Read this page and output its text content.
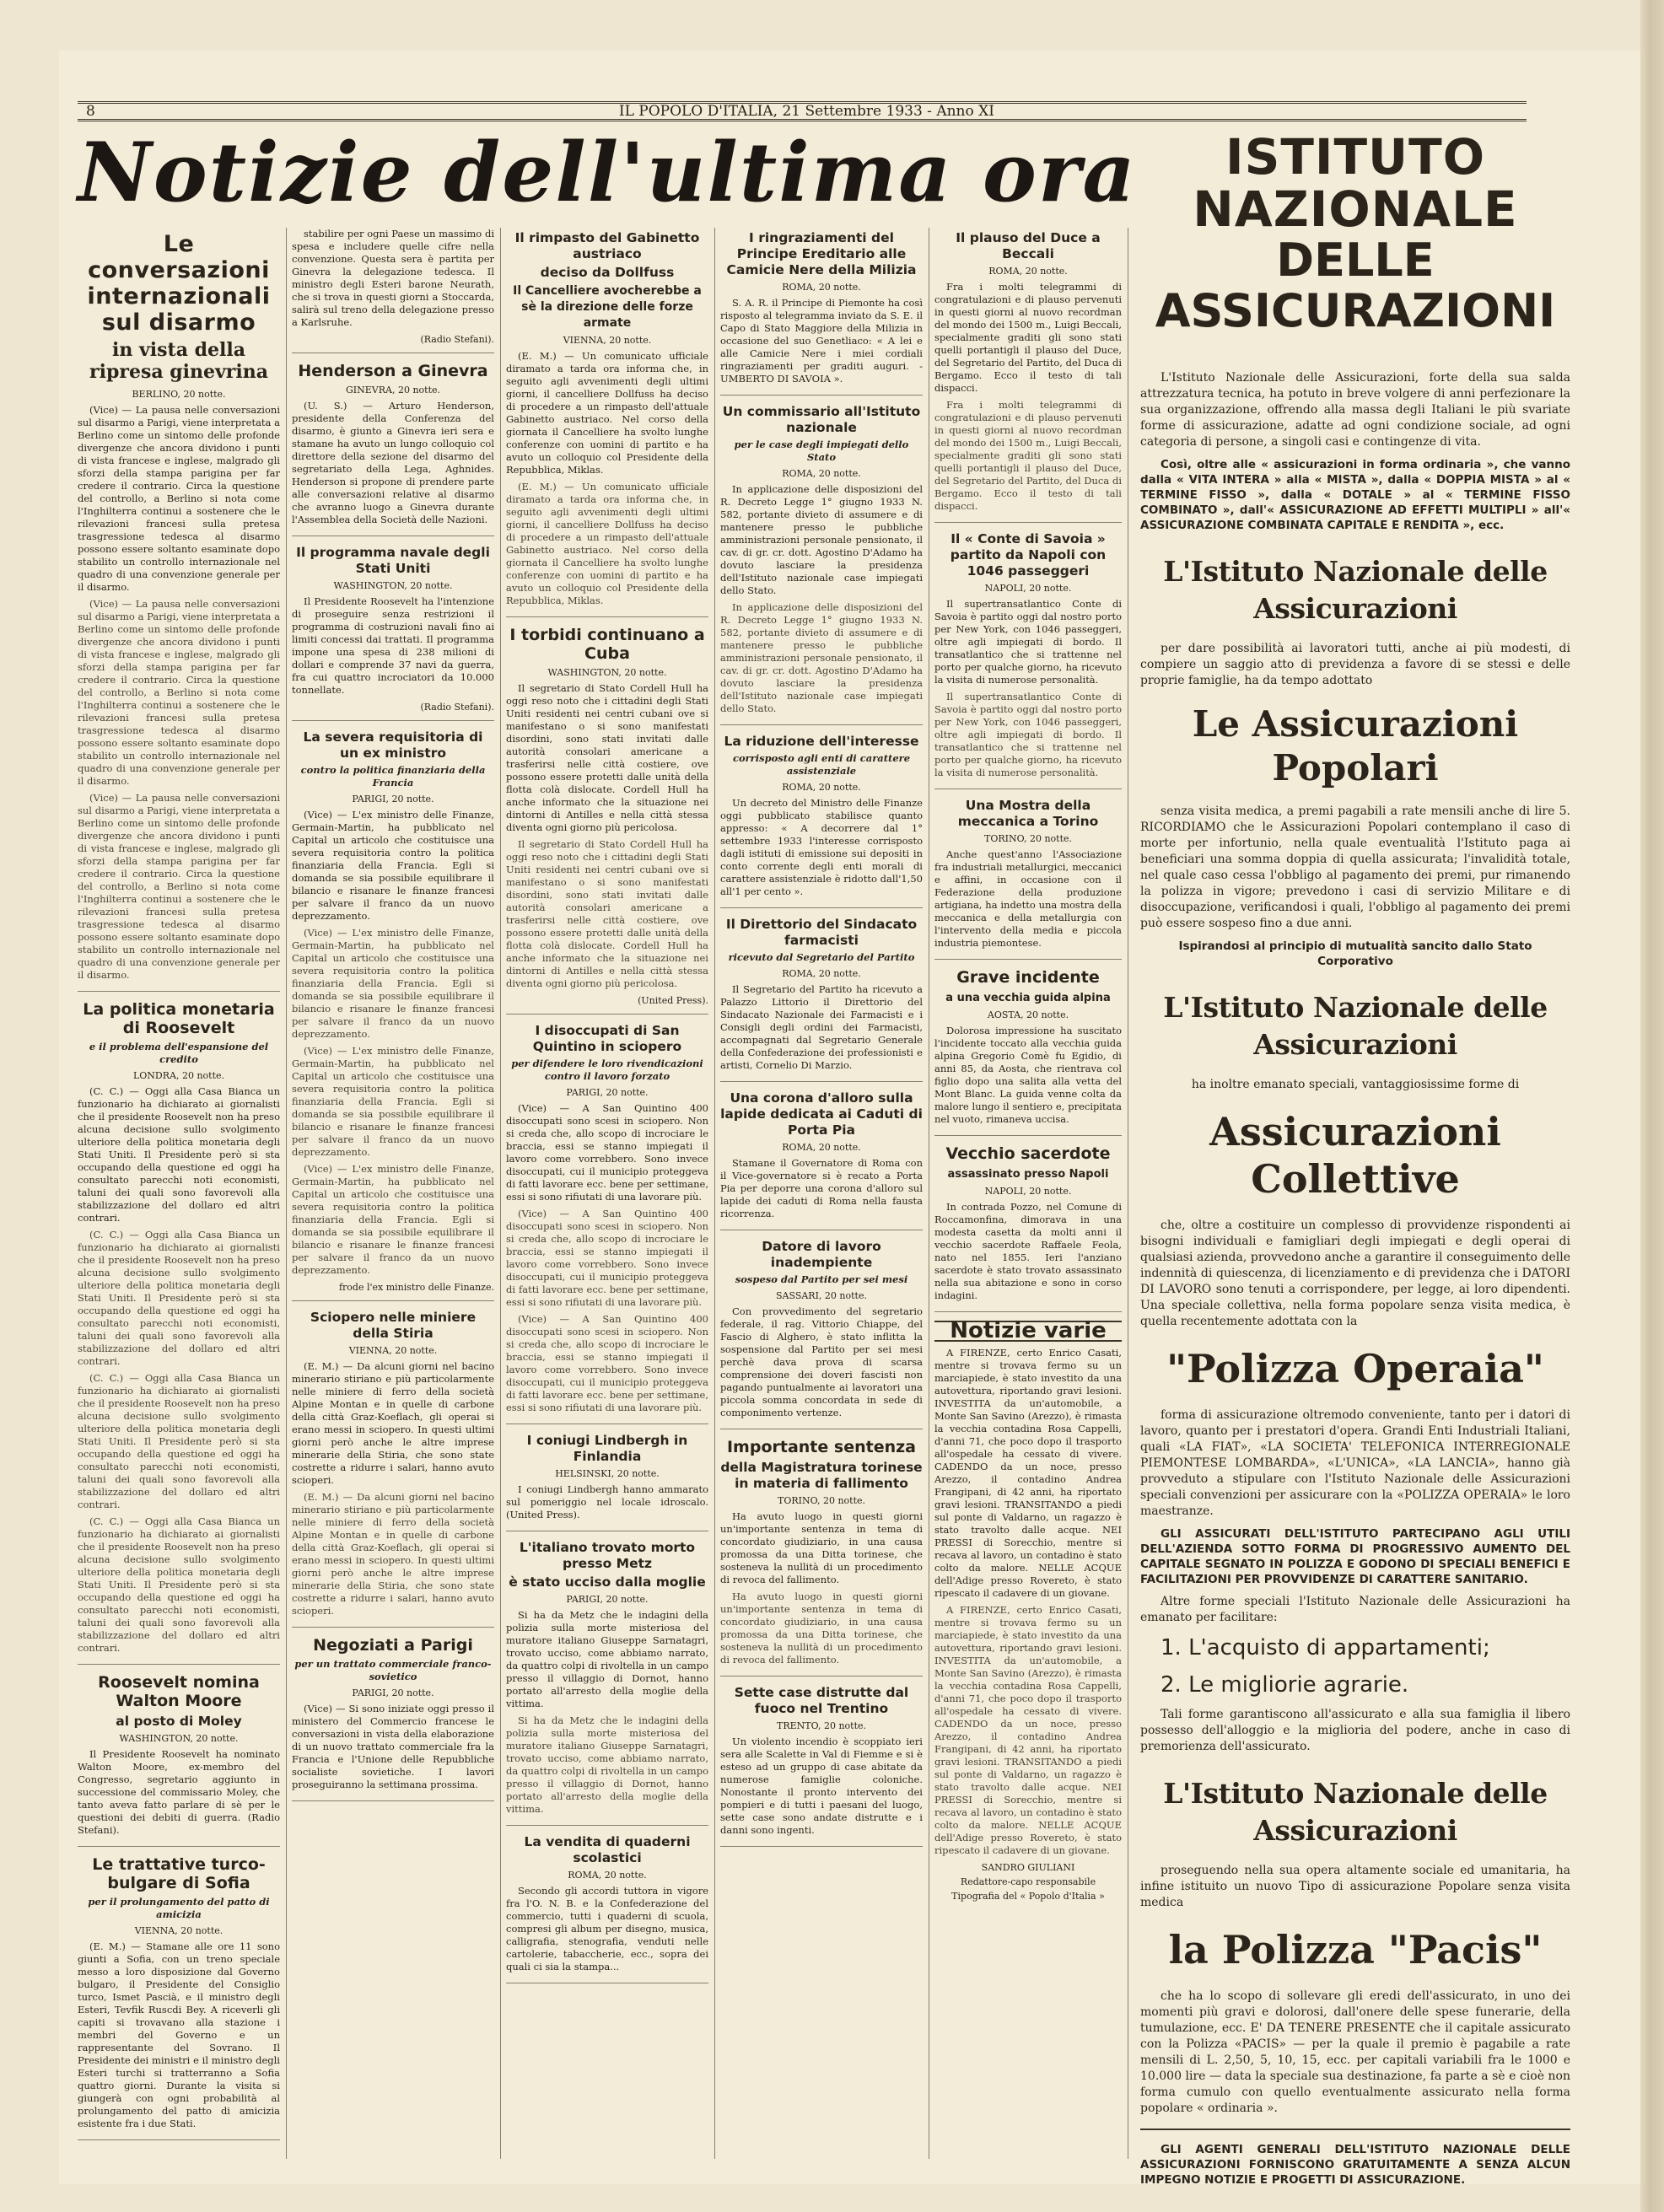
8	IL POPOLO D'ITALIA, 21 Settembre 1933 - Anno XI
Notizie dell'ultima ora
Le conversazioni internazionali sul disarmo
in vista della ripresa ginevrina
BERLINO, 20 notte.

(Vice) — La pausa nelle conversazioni sul disarmo a Parigi, viene interpretata a Berlino come un sintomo delle profonde divergenze che ancora dividono i punti di vista francese e inglese, malgrado gli sforzi della stampa parigina per far credere il contrario. Circa la questione del controllo, a Berlino si nota come l'Inghilterra continui a sostenere che le rilevazioni francesi sulla pretesa trasgressione tedesca al disarmo possono essere soltanto esaminate dopo stabilito un controllo internazionale nel quadro di una convenzione generale per il disarmo.

(Vice) — La pausa nelle conversazioni sul disarmo a Parigi, viene interpretata a Berlino come un sintomo delle profonde divergenze che ancora dividono i punti di vista francese e inglese, malgrado gli sforzi della stampa parigina per far credere il contrario. Circa la questione del controllo, a Berlino si nota come l'Inghilterra continui a sostenere che le rilevazioni francesi sulla pretesa trasgressione tedesca al disarmo possono essere soltanto esaminate dopo stabilito un controllo internazionale nel quadro di una convenzione generale per il disarmo.

(Vice) — La pausa nelle conversazioni sul disarmo a Parigi, viene interpretata a Berlino come un sintomo delle profonde divergenze che ancora dividono i punti di vista francese e inglese, malgrado gli sforzi della stampa parigina per far credere il contrario. Circa la questione del controllo, a Berlino si nota come l'Inghilterra continui a sostenere che le rilevazioni francesi sulla pretesa trasgressione tedesca al disarmo possono essere soltanto esaminate dopo stabilito un controllo internazionale nel quadro di una convenzione generale per il disarmo.

La politica monetaria di Roosevelt
e il problema dell'espansione del credito
LONDRA, 20 notte.

(C. C.) — Oggi alla Casa Bianca un funzionario ha dichiarato ai giornalisti che il presidente Roosevelt non ha preso alcuna decisione sullo svolgimento ulteriore della politica monetaria degli Stati Uniti. Il Presidente però si sta occupando della questione ed oggi ha consultato parecchi noti economisti, taluni dei quali sono favorevoli alla stabilizzazione del dollaro ed altri contrari.

(C. C.) — Oggi alla Casa Bianca un funzionario ha dichiarato ai giornalisti che il presidente Roosevelt non ha preso alcuna decisione sullo svolgimento ulteriore della politica monetaria degli Stati Uniti. Il Presidente però si sta occupando della questione ed oggi ha consultato parecchi noti economisti, taluni dei quali sono favorevoli alla stabilizzazione del dollaro ed altri contrari.

(C. C.) — Oggi alla Casa Bianca un funzionario ha dichiarato ai giornalisti che il presidente Roosevelt non ha preso alcuna decisione sullo svolgimento ulteriore della politica monetaria degli Stati Uniti. Il Presidente però si sta occupando della questione ed oggi ha consultato parecchi noti economisti, taluni dei quali sono favorevoli alla stabilizzazione del dollaro ed altri contrari.

(C. C.) — Oggi alla Casa Bianca un funzionario ha dichiarato ai giornalisti che il presidente Roosevelt non ha preso alcuna decisione sullo svolgimento ulteriore della politica monetaria degli Stati Uniti. Il Presidente però si sta occupando della questione ed oggi ha consultato parecchi noti economisti, taluni dei quali sono favorevoli alla stabilizzazione del dollaro ed altri contrari.

Roosevelt nomina Walton Moore
al posto di Moley
WASHINGTON, 20 notte.

Il Presidente Roosevelt ha nominato Walton Moore, ex-membro del Congresso, segretario aggiunto in successione del commissario Moley, che tanto aveva fatto parlare di sè per le questioni dei debiti di guerra. (Radio Stefani).

Le trattative turco-bulgare di Sofia
per il prolungamento del patto di amicizia
VIENNA, 20 notte.

(E. M.) — Stamane alle ore 11 sono giunti a Sofia, con un treno speciale messo a loro disposizione dal Governo bulgaro, il Presidente del Consiglio turco, Ismet Pascià, e il ministro degli Esteri, Tevfik Ruscdi Bey. A riceverli gli capiti si trovavano alla stazione i membri del Governo e un rappresentante del Sovrano. Il Presidente dei ministri e il ministro degli Esteri turchi si tratterranno a Sofia quattro giorni. Durante la visita si giungerà con ogni probabilità al prolungamento del patto di amicizia esistente fra i due Stati.

stabilire per ogni Paese un massimo di spesa e includere quelle cifre nella convenzione. Questa sera è partita per Ginevra la delegazione tedesca. Il ministro degli Esteri barone Neurath, che si trova in questi giorni a Stoccarda, salirà sul treno della delegazione presso a Karlsruhe.

(Radio Stefani).
Henderson a Ginevra
GINEVRA, 20 notte.

(U. S.) — Arturo Henderson, presidente della Conferenza del disarmo, è giunto a Ginevra ieri sera e stamane ha avuto un lungo colloquio col direttore della sezione del disarmo del segretariato della Lega, Aghnides. Henderson si propone di prendere parte alle conversazioni relative al disarmo che avranno luogo a Ginevra durante l'Assemblea della Società delle Nazioni.

Il programma navale degli Stati Uniti
WASHINGTON, 20 notte.

Il Presidente Roosevelt ha l'intenzione di proseguire senza restrizioni il programma di costruzioni navali fino ai limiti concessi dai trattati. Il programma impone una spesa di 238 milioni di dollari e comprende 37 navi da guerra, fra cui quattro incrociatori da 10.000 tonnellate.

(Radio Stefani).
La severa requisitoria di un ex ministro
contro la politica finanziaria della Francia
PARIGI, 20 notte.

(Vice) — L'ex ministro delle Finanze, Germain-Martin, ha pubblicato nel Capital un articolo che costituisce una severa requisitoria contro la politica finanziaria della Francia. Egli si domanda se sia possibile equilibrare il bilancio e risanare le finanze francesi per salvare il franco da un nuovo deprezzamento.

(Vice) — L'ex ministro delle Finanze, Germain-Martin, ha pubblicato nel Capital un articolo che costituisce una severa requisitoria contro la politica finanziaria della Francia. Egli si domanda se sia possibile equilibrare il bilancio e risanare le finanze francesi per salvare il franco da un nuovo deprezzamento.

(Vice) — L'ex ministro delle Finanze, Germain-Martin, ha pubblicato nel Capital un articolo che costituisce una severa requisitoria contro la politica finanziaria della Francia. Egli si domanda se sia possibile equilibrare il bilancio e risanare le finanze francesi per salvare il franco da un nuovo deprezzamento.

(Vice) — L'ex ministro delle Finanze, Germain-Martin, ha pubblicato nel Capital un articolo che costituisce una severa requisitoria contro la politica finanziaria della Francia. Egli si domanda se sia possibile equilibrare il bilancio e risanare le finanze francesi per salvare il franco da un nuovo deprezzamento.

frode l'ex ministro delle Finanze.
Sciopero nelle miniere della Stiria
VIENNA, 20 notte.

(E. M.) — Da alcuni giorni nel bacino minerario stiriano e più particolarmente nelle miniere di ferro della società Alpine Montan e in quelle di carbone della città Graz-Koeflach, gli operai si erano messi in sciopero. In questi ultimi giorni però anche le altre imprese minerarie della Stiria, che sono state costrette a ridurre i salari, hanno avuto scioperi.

(E. M.) — Da alcuni giorni nel bacino minerario stiriano e più particolarmente nelle miniere di ferro della società Alpine Montan e in quelle di carbone della città Graz-Koeflach, gli operai si erano messi in sciopero. In questi ultimi giorni però anche le altre imprese minerarie della Stiria, che sono state costrette a ridurre i salari, hanno avuto scioperi.

Negoziati a Parigi
per un trattato commerciale franco-sovietico
PARIGI, 20 notte.

(Vice) — Si sono iniziate oggi presso il ministero del Commercio francese le conversazioni in vista della elaborazione di un nuovo trattato commerciale fra la Francia e l'Unione delle Repubbliche socialiste sovietiche. I lavori proseguiranno la settimana prossima.

Il rimpasto del Gabinetto austriaco
deciso da Dollfuss
Il Cancelliere avocherebbe a sè la direzione delle forze armate
VIENNA, 20 notte.

(E. M.) — Un comunicato ufficiale diramato a tarda ora informa che, in seguito agli avvenimenti degli ultimi giorni, il cancelliere Dollfuss ha deciso di procedere a un rimpasto dell'attuale Gabinetto austriaco. Nel corso della giornata il Cancelliere ha svolto lunghe conferenze con uomini di partito e ha avuto un colloquio col Presidente della Repubblica, Miklas.

(E. M.) — Un comunicato ufficiale diramato a tarda ora informa che, in seguito agli avvenimenti degli ultimi giorni, il cancelliere Dollfuss ha deciso di procedere a un rimpasto dell'attuale Gabinetto austriaco. Nel corso della giornata il Cancelliere ha svolto lunghe conferenze con uomini di partito e ha avuto un colloquio col Presidente della Repubblica, Miklas.

I torbidi continuano a Cuba
WASHINGTON, 20 notte.

Il segretario di Stato Cordell Hull ha oggi reso noto che i cittadini degli Stati Uniti residenti nei centri cubani ove si manifestano o si sono manifestati disordini, sono stati invitati dalle autorità consolari americane a trasferirsi nelle città costiere, ove possono essere protetti dalle unità della flotta colà dislocate. Cordell Hull ha anche informato che la situazione nei dintorni di Antilles e nella città stessa diventa ogni giorno più pericolosa.

Il segretario di Stato Cordell Hull ha oggi reso noto che i cittadini degli Stati Uniti residenti nei centri cubani ove si manifestano o si sono manifestati disordini, sono stati invitati dalle autorità consolari americane a trasferirsi nelle città costiere, ove possono essere protetti dalle unità della flotta colà dislocate. Cordell Hull ha anche informato che la situazione nei dintorni di Antilles e nella città stessa diventa ogni giorno più pericolosa.

(United Press).
I disoccupati di San Quintino in sciopero
per difendere le loro rivendicazioni contro il lavoro forzato
PARIGI, 20 notte.

(Vice) — A San Quintino 400 disoccupati sono scesi in sciopero. Non si creda che, allo scopo di incrociare le braccia, essi se stanno impiegati il lavoro come vorrebbero. Sono invece disoccupati, cui il municipio proteggeva di fatti lavorare ecc. bene per settimane, essi si sono rifiutati di una lavorare più.

(Vice) — A San Quintino 400 disoccupati sono scesi in sciopero. Non si creda che, allo scopo di incrociare le braccia, essi se stanno impiegati il lavoro come vorrebbero. Sono invece disoccupati, cui il municipio proteggeva di fatti lavorare ecc. bene per settimane, essi si sono rifiutati di una lavorare più.

(Vice) — A San Quintino 400 disoccupati sono scesi in sciopero. Non si creda che, allo scopo di incrociare le braccia, essi se stanno impiegati il lavoro come vorrebbero. Sono invece disoccupati, cui il municipio proteggeva di fatti lavorare ecc. bene per settimane, essi si sono rifiutati di una lavorare più.

I coniugi Lindbergh in Finlandia
HELSINSKI, 20 notte.

I coniugi Lindbergh hanno ammarato sul pomeriggio nel locale idroscalo. (United Press).

L'italiano trovato morto presso Metz
è stato ucciso dalla moglie
PARIGI, 20 notte.

Si ha da Metz che le indagini della polizia sulla morte misteriosa del muratore italiano Giuseppe Sarnatagri, trovato ucciso, come abbiamo narrato, da quattro colpi di rivoltella in un campo presso il villaggio di Dornot, hanno portato all'arresto della moglie della vittima.

Si ha da Metz che le indagini della polizia sulla morte misteriosa del muratore italiano Giuseppe Sarnatagri, trovato ucciso, come abbiamo narrato, da quattro colpi di rivoltella in un campo presso il villaggio di Dornot, hanno portato all'arresto della moglie della vittima.

La vendita di quaderni scolastici
ROMA, 20 notte.

Secondo gli accordi tuttora in vigore fra l'O. N. B. e la Confederazione del commercio, tutti i quaderni di scuola, compresi gli album per disegno, musica, calligrafia, stenografia, venduti nelle cartolerie, tabaccherie, ecc., sopra dei quali ci sia la stampa...

I ringraziamenti del Principe Ereditario alle Camicie Nere della Milizia
ROMA, 20 notte.

S. A. R. il Principe di Piemonte ha così risposto al telegramma inviato da S. E. il Capo di Stato Maggiore della Milizia in occasione del suo Genetliaco: « A lei e alle Camicie Nere i miei cordiali ringraziamenti per graditi auguri. - UMBERTO DI SAVOIA ».

Un commissario all'Istituto nazionale
per le case degli impiegati dello Stato
ROMA, 20 notte.

In applicazione delle disposizioni del R. Decreto Legge 1° giugno 1933 N. 582, portante divieto di assumere e di mantenere presso le pubbliche amministrazioni personale pensionato, il cav. di gr. cr. dott. Agostino D'Adamo ha dovuto lasciare la presidenza dell'Istituto nazionale case impiegati dello Stato.

In applicazione delle disposizioni del R. Decreto Legge 1° giugno 1933 N. 582, portante divieto di assumere e di mantenere presso le pubbliche amministrazioni personale pensionato, il cav. di gr. cr. dott. Agostino D'Adamo ha dovuto lasciare la presidenza dell'Istituto nazionale case impiegati dello Stato.

La riduzione dell'interesse
corrisposto agli enti di carattere assistenziale
ROMA, 20 notte.

Un decreto del Ministro delle Finanze oggi pubblicato stabilisce quanto appresso: « A decorrere dal 1° settembre 1933 l'interesse corrisposto dagli istituti di emissione sui depositi in conto corrente degli enti morali di carattere assistenziale è ridotto dall'1,50 all'1 per cento ».

Il Direttorio del Sindacato farmacisti
ricevuto dal Segretario del Partito
ROMA, 20 notte.

Il Segretario del Partito ha ricevuto a Palazzo Littorio il Direttorio del Sindacato Nazionale dei Farmacisti e i Consigli degli ordini dei Farmacisti, accompagnati dal Segretario Generale della Confederazione dei professionisti e artisti, Cornelio Di Marzio.

Una corona d'alloro sulla lapide dedicata ai Caduti di Porta Pia
ROMA, 20 notte.

Stamane il Governatore di Roma con il Vice-governatore si è recato a Porta Pia per deporre una corona d'alloro sul lapide dei caduti di Roma nella fausta ricorrenza.

Datore di lavoro inadempiente
sospeso dal Partito per sei mesi
SASSARI, 20 notte.

Con provvedimento del segretario federale, il rag. Vittorio Chiappe, del Fascio di Alghero, è stato inflitta la sospensione dal Partito per sei mesi perchè dava prova di scarsa comprensione dei doveri fascisti non pagando puntualmente ai lavoratori una piccola somma concordata in sede di componimento vertenze.

Importante sentenza
della Magistratura torinese in materia di fallimento
TORINO, 20 notte.

Ha avuto luogo in questi giorni un'importante sentenza in tema di concordato giudiziario, in una causa promossa da una Ditta torinese, che sosteneva la nullità di un procedimento di revoca del fallimento.

Ha avuto luogo in questi giorni un'importante sentenza in tema di concordato giudiziario, in una causa promossa da una Ditta torinese, che sosteneva la nullità di un procedimento di revoca del fallimento.

Sette case distrutte dal fuoco nel Trentino
TRENTO, 20 notte.

Un violento incendio è scoppiato ieri sera alle Scalette in Val di Fiemme e si è esteso ad un gruppo di case abitate da numerose famiglie coloniche. Nonostante il pronto intervento dei pompieri e di tutti i paesani del luogo, sette case sono andate distrutte e i danni sono ingenti.

Il plauso del Duce a Beccali
ROMA, 20 notte.

Fra i molti telegrammi di congratulazioni e di plauso pervenuti in questi giorni al nuovo recordman del mondo dei 1500 m., Luigi Beccali, specialmente graditi gli sono stati quelli portantigli il plauso del Duce, del Segretario del Partito, del Duca di Bergamo. Ecco il testo di tali dispacci.

Fra i molti telegrammi di congratulazioni e di plauso pervenuti in questi giorni al nuovo recordman del mondo dei 1500 m., Luigi Beccali, specialmente graditi gli sono stati quelli portantigli il plauso del Duce, del Segretario del Partito, del Duca di Bergamo. Ecco il testo di tali dispacci.

Il « Conte di Savoia » partito da Napoli con 1046 passeggeri
NAPOLI, 20 notte.

Il supertransatlantico Conte di Savoia è partito oggi dal nostro porto per New York, con 1046 passeggeri, oltre agli impiegati di bordo. Il transatlantico che si trattenne nel porto per qualche giorno, ha ricevuto la visita di numerose personalità.

Il supertransatlantico Conte di Savoia è partito oggi dal nostro porto per New York, con 1046 passeggeri, oltre agli impiegati di bordo. Il transatlantico che si trattenne nel porto per qualche giorno, ha ricevuto la visita di numerose personalità.

Una Mostra della meccanica a Torino
TORINO, 20 notte.

Anche quest'anno l'Associazione fra industriali metallurgici, meccanici e affini, in occasione con il Federazione della produzione artigiana, ha indetto una mostra della meccanica e della metallurgia con l'intervento della media e piccola industria piemontese.

Grave incidente
a una vecchia guida alpina
AOSTA, 20 notte.

Dolorosa impressione ha suscitato l'incidente toccato alla vecchia guida alpina Gregorio Comè fu Egidio, di anni 85, da Aosta, che rientrava col figlio dopo una salita alla vetta del Mont Blanc. La guida venne colta da malore lungo il sentiero e, precipitata nel vuoto, rimaneva uccisa.

Vecchio sacerdote
assassinato presso Napoli
NAPOLI, 20 notte.

In contrada Pozzo, nel Comune di Roccamonfina, dimorava in una modesta casetta da molti anni il vecchio sacerdote Raffaele Feola, nato nel 1855. Ieri l'anziano sacerdote è stato trovato assassinato nella sua abitazione e sono in corso indagini.

Notizie varie

A FIRENZE, certo Enrico Casati, mentre si trovava fermo su un marciapiede, è stato investito da una autovettura, riportando gravi lesioni. INVESTITA da un'automobile, a Monte San Savino (Arezzo), è rimasta la vecchia contadina Rosa Cappelli, d'anni 71, che poco dopo il trasporto all'ospedale ha cessato di vivere. CADENDO da un noce, presso Arezzo, il contadino Andrea Frangipani, di 42 anni, ha riportato gravi lesioni. TRANSITANDO a piedi sul ponte di Valdarno, un ragazzo è stato travolto dalle acque. NEI PRESSI di Sorecchio, mentre si recava al lavoro, un contadino è stato colto da malore. NELLE ACQUE dell'Adige presso Rovereto, è stato ripescato il cadavere di un giovane.

A FIRENZE, certo Enrico Casati, mentre si trovava fermo su un marciapiede, è stato investito da una autovettura, riportando gravi lesioni. INVESTITA da un'automobile, a Monte San Savino (Arezzo), è rimasta la vecchia contadina Rosa Cappelli, d'anni 71, che poco dopo il trasporto all'ospedale ha cessato di vivere. CADENDO da un noce, presso Arezzo, il contadino Andrea Frangipani, di 42 anni, ha riportato gravi lesioni. TRANSITANDO a piedi sul ponte di Valdarno, un ragazzo è stato travolto dalle acque. NEI PRESSI di Sorecchio, mentre si recava al lavoro, un contadino è stato colto da malore. NELLE ACQUE dell'Adige presso Rovereto, è stato ripescato il cadavere di un giovane.

SANDRO GIULIANI
Redattore-capo responsabile
Tipografia del « Popolo d'Italia »
ISTITUTO NAZIONALE
DELLE ASSICURAZIONI

L'Istituto Nazionale delle Assicurazioni, forte della sua salda attrezzatura tecnica, ha potuto in breve volgere di anni perfezionare la sua organizzazione, offrendo alla massa degli Italiani le più svariate forme di assicurazione, adatte ad ogni condizione sociale, ad ogni categoria di persone, a singoli casi e contingenze di vita.

Così, oltre alle « assicurazioni in forma ordinaria », che vanno dalla « VITA INTERA » alla « MISTA », dalla « DOPPIA MISTA » al « TERMINE FISSO », dalla « DOTALE » al « TERMINE FISSO COMBINATO », dall'« ASSICURAZIONE AD EFFETTI MULTIPLI » all'« ASSICURAZIONE COMBINATA CAPITALE E RENDITA », ecc.

L'Istituto Nazionale delle Assicurazioni

per dare possibilità ai lavoratori tutti, anche ai più modesti, di compiere un saggio atto di previdenza a favore di se stessi e delle proprie famiglie, ha da tempo adottato

Le Assicurazioni Popolari

senza visita medica, a premi pagabili a rate mensili anche di lire 5. RICORDIAMO che le Assicurazioni Popolari contemplano il caso di morte per infortunio, nella quale eventualità l'Istituto paga ai beneficiari una somma doppia di quella assicurata; l'invalidità totale, nel quale caso cessa l'obbligo al pagamento dei premi, pur rimanendo la polizza in vigore; prevedono i casi di servizio Militare e di disoccupazione, verificandosi i quali, l'obbligo al pagamento dei premi può essere sospeso fino a due anni.

Ispirandosi al principio di mutualità sancito dallo Stato Corporativo

L'Istituto Nazionale delle Assicurazioni

ha inoltre emanato speciali, vantaggiosissime forme di

Assicurazioni Collettive

che, oltre a costituire un complesso di provvidenze rispondenti ai bisogni individuali e famigliari degli impiegati e degli operai di qualsiasi azienda, provvedono anche a garantire il conseguimento delle indennità di quiescenza, di licenziamento e di previdenza che i DATORI DI LAVORO sono tenuti a corrispondere, per legge, ai loro dipendenti. Una speciale collettiva, nella forma popolare senza visita medica, è quella recentemente adottata con la

"Polizza Operaia"

forma di assicurazione oltremodo conveniente, tanto per i datori di lavoro, quanto per i prestatori d'opera. Grandi Enti Industriali Italiani, quali «LA FIAT», «LA SOCIETA' TELEFONICA INTERREGIONALE PIEMONTESE LOMBARDA», «L'UNICA», «LA LANCIA», hanno già provveduto a stipulare con l'Istituto Nazionale delle Assicurazioni speciali convenzioni per assicurare con la «POLIZZA OPERAIA» le loro maestranze.

GLI ASSICURATI DELL'ISTITUTO PARTECIPANO AGLI UTILI DELL'AZIENDA SOTTO FORMA DI PROGRESSIVO AUMENTO DEL CAPITALE SEGNATO IN POLIZZA E GODONO DI SPECIALI BENEFICI E FACILITAZIONI PER PROVVIDENZE DI CARATTERE SANITARIO.

Altre forme speciali l'Istituto Nazionale delle Assicurazioni ha emanato per facilitare:

1. L'acquisto di appartamenti;
2. Le migliorie agrarie.

Tali forme garantiscono all'assicurato e alla sua famiglia il libero possesso dell'alloggio e la miglioria del podere, anche in caso di premorienza dell'assicurato.

L'Istituto Nazionale delle Assicurazioni

proseguendo nella sua opera altamente sociale ed umanitaria, ha infine istituito un nuovo Tipo di assicurazione Popolare senza visita medica

la Polizza "Pacis"

che ha lo scopo di sollevare gli eredi dell'assicurato, in uno dei momenti più gravi e dolorosi, dall'onere delle spese funerarie, della tumulazione, ecc. E' DA TENERE PRESENTE che il capitale assicurato con la Polizza «PACIS» — per la quale il premio è pagabile a rate mensili di L. 2,50, 5, 10, 15, ecc. per capitali variabili fra le 1000 e 10.000 lire — data la speciale sua destinazione, fa parte a sè e cioè non forma cumulo con quello eventualmente assicurato nella forma popolare « ordinaria ».

GLI AGENTI GENERALI DELL'ISTITUTO NAZIONALE DELLE ASSICURAZIONI FORNISCONO GRATUITAMENTE A SENZA ALCUN IMPEGNO NOTIZIE E PROGETTI DI ASSICURAZIONE.
